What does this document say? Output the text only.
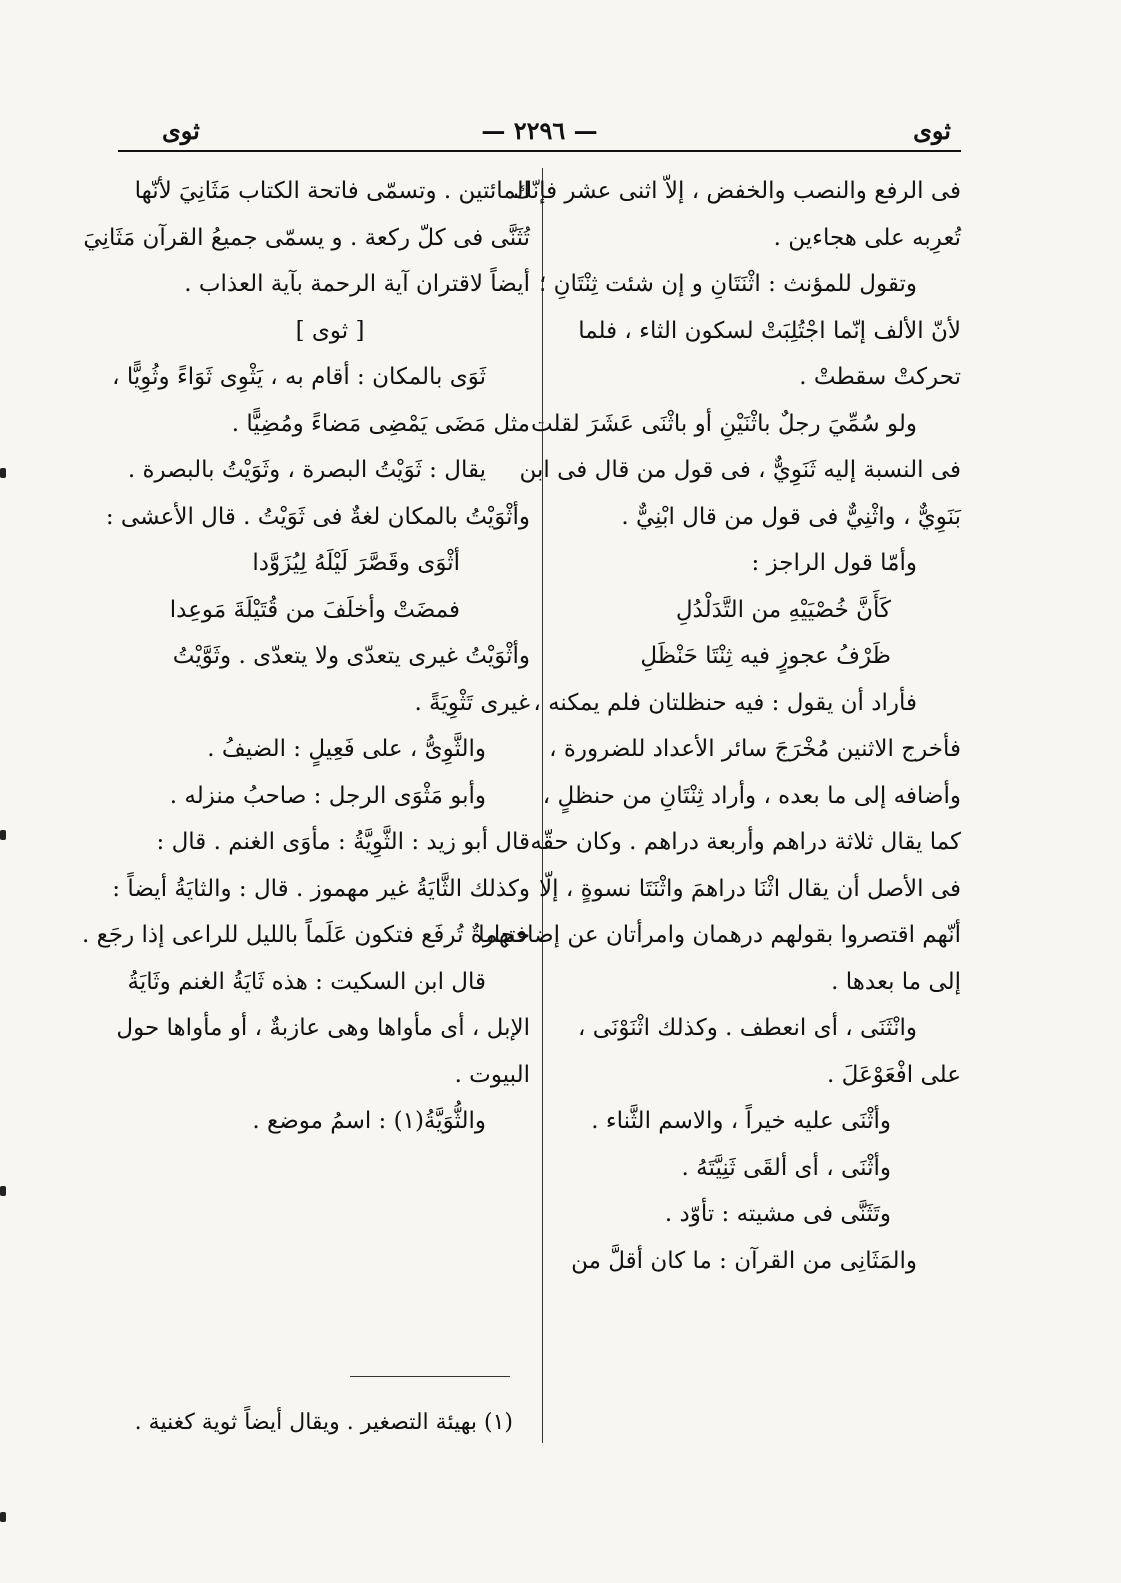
ثوى
— ٢٢٩٦ —
ثوى
فى الرفع والنصب والخفض ، إلاّ اثنى عشر فإنّك
تُعرِبه على هجاءين .
وتقول للمؤنث : اثْنَتَانِ و إن شئت ثِنْتَانِ ؛
لأنّ الألف إنّما اجْتُلِبَتْ لسكون الثاء ، فلما
تحركتْ سقطتْ .
ولو سُمِّيَ رجلٌ باثْنَيْنِ أو باثْنَى عَشَرَ لقلت
فى النسبة إليه ثَنَوِيٌّ ، فى قول من قال فى ابن
بَنَوِيٌّ ، واثْنِيٌّ فى قول من قال ابْنِيٌّ .
وأمّا قول الراجز :
كَأَنَّ خُصْيَيْهِ من التَّدَلْدُلِ
ظَرْفُ عجوزٍ فيه ثِنْتَا حَنْظَلِ
فأراد أن يقول : فيه حنظلتان فلم يمكنه ،
فأخرج الاثنين مُخْرَجَ سائر الأعداد للضرورة ،
وأضافه إلى ما بعده ، وأراد ثِنْتَانِ من حنظلٍ ،
كما يقال ثلاثة دراهم وأربعة دراهم . وكان حقّه
فى الأصل أن يقال اثْنَا دراهمَ واثْنَتَا نسوةٍ ، إلّا
أنّهم اقتصروا بقولهم درهمان وامرأتان عن إضافتهما
إلى ما بعدها .
وانْثَنَى ، أى انعطف . وكذلك اثْنَوْنَى ،
على افْعَوْعَلَ .
وأثْنَى عليه خيراً ، والاسم الثَّناء .
وأثْنَى ، أى ألقَى ثَنِيَّتَهُ .
وتَثَنَّى فى مشيته : تأوّد .
والمَثَانِى من القرآن : ما كان أقلَّ من
المائتين . وتسمّى فاتحة الكتاب مَثَانِيَ لأنّها
تُثَنَّى فى كلّ ركعة . و يسمّى جميعُ القرآن مَثَانِيَ
أيضاً لاقتران آية الرحمة بآية العذاب .
[ ثوى ]
ثَوَى بالمكان : أقام به ، يَثْوِى ثَوَاءً وثُوِيًّا ،
مثل مَضَى يَمْضِى مَضاءً ومُضِيًّا .
يقال : ثَوَيْتُ البصرة ، وثَوَيْتُ بالبصرة .
وأثْوَيْتُ بالمكان لغةٌ فى ثَوَيْتُ . قال الأعشى :
أثْوَى وقَصَّرَ لَيْلَهُ لِيُزَوَّدا
فمضَتْ وأخلَفَ من قُتَيْلَةَ مَوعِدا
وأثْوَيْتُ غيرى يتعدّى ولا يتعدّى . وثَوَّيْتُ
غيرى تَثْوِيَةً .
والثَّوِىُّ ، على فَعِيلٍ : الضيفُ .
وأبو مَثْوَى الرجل : صاحبُ منزله .
قال أبو زيد : الثَّوِيَّةُ : مأوَى الغنم . قال :
وكذلك الثَّايَةُ غير مهموز . قال : والثايَةُ أيضاً :
حجارةٌ تُرفَع فتكون عَلَماً بالليل للراعى إذا رجَع .
قال ابن السكيت : هذه ثَايَةُ الغنم وثَايَةُ
الإبل ، أى مأواها وهى عازبةٌ ، أو مأواها حول
البيوت .
والثُّوَيَّةُ(١) : اسمُ موضع .
(١) بهيئة التصغير . ويقال أيضاً ثوية كغنية .
